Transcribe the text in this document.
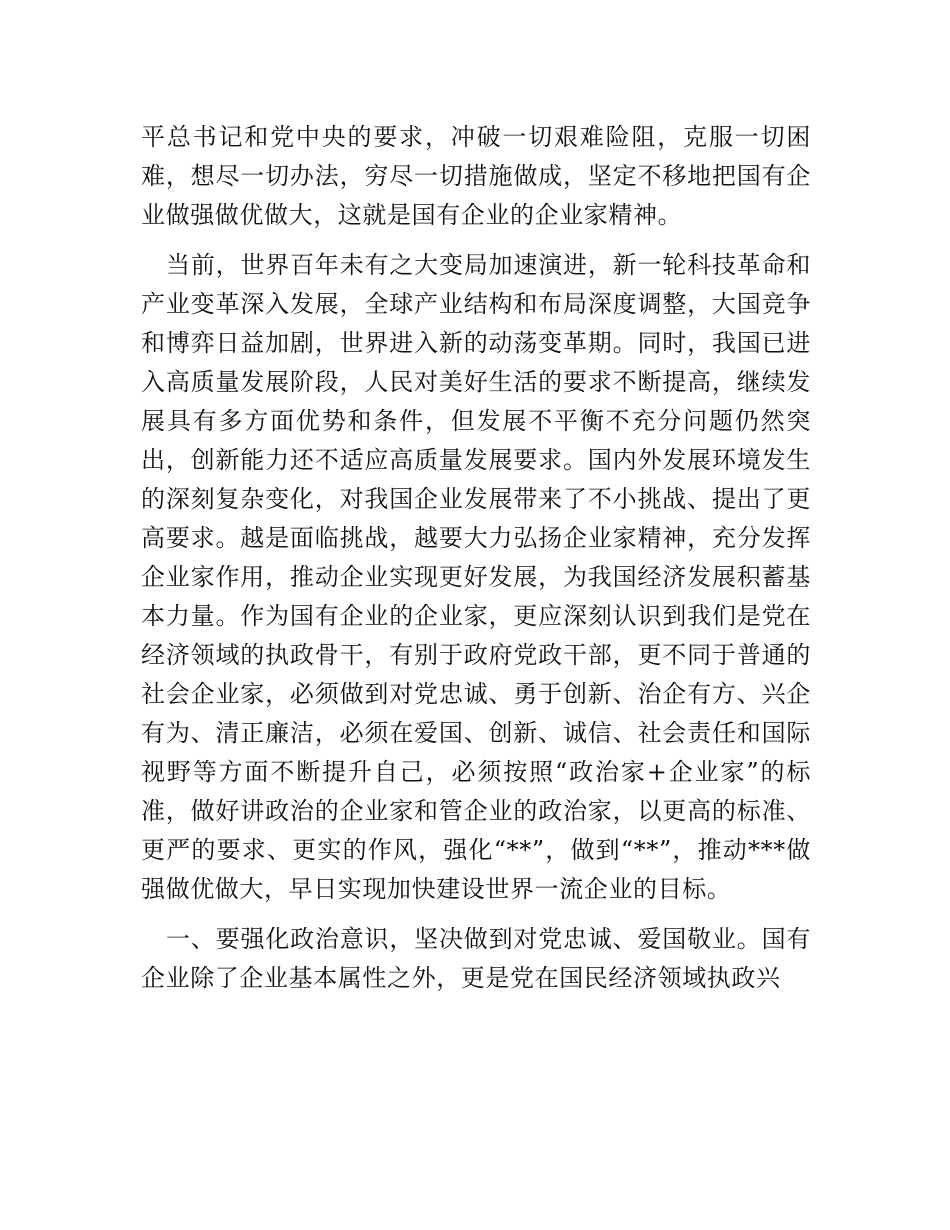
平总书记和党中央的要求，冲破一切艰难险阻，克服一切困难，想尽一切办法，穷尽一切措施做成，坚定不移地把国有企业做强做优做大，这就是国有企业的企业家精神。

当前，世界百年未有之大变局加速演进，新一轮科技革命和产业变革深入发展，全球产业结构和布局深度调整，大国竞争和博弈日益加剧，世界进入新的动荡变革期。同时，我国已进入高质量发展阶段，人民对美好生活的要求不断提高，继续发展具有多方面优势和条件，但发展不平衡不充分问题仍然突出，创新能力还不适应高质量发展要求。国内外发展环境发生的深刻复杂变化，对我国企业发展带来了不小挑战、提出了更高要求。越是面临挑战，越要大力弘扬企业家精神，充分发挥企业家作用，推动企业实现更好发展，为我国经济发展积蓄基本力量。作为国有企业的企业家，更应深刻认识到我们是党在经济领域的执政骨干，有别于政府党政干部，更不同于普通的社会企业家，必须做到对党忠诚、勇于创新、治企有方、兴企有为、清正廉洁，必须在爱国、创新、诚信、社会责任和国际视野等方面不断提升自己，必须按照“政治家+企业家”的标准，做好讲政治的企业家和管企业的政治家，以更高的标准、更严的要求、更实的作风，强化“**”，做到“**”，推动***做强做优做大，早日实现加快建设世界一流企业的目标。

一、要强化政治意识，坚决做到对党忠诚、爱国敬业。国有企业除了企业基本属性之外，更是党在国民经济领域执政兴
